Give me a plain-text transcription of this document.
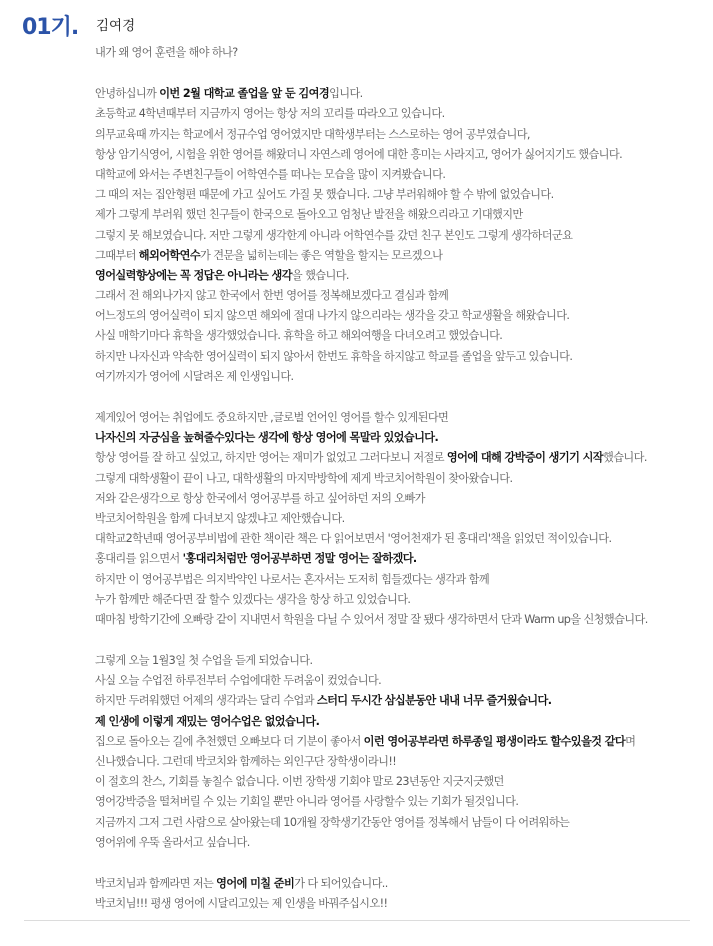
01기. 김여경
내가 왜 영어 훈련을 해야 하나?
안녕하십니까 이번 2월 대학교 졸업을 앞 둔 김여경입니다.
초등학교 4학년때부터 지금까지 영어는 항상 저의 꼬리를 따라오고 있습니다.
의무교육때 까지는 학교에서 정규수업 영어였지만 대학생부터는 스스로하는 영어 공부였습니다,
항상 암기식영어, 시험을 위한 영어를 해왔더니 자연스레 영어에 대한 흥미는 사라지고, 영어가 싫어지기도 했습니다.
대학교에 와서는 주변친구들이 어학연수를 떠나는 모습을 많이 지켜봤습니다.
그 때의 저는 집안형편 때문에 가고 싶어도 가질 못 했습니다. 그냥 부러워해야 할 수 밖에 없었습니다.
제가 그렇게 부러워 했던 친구들이 한국으로 돌아오고 엄청난 발전을 해왔으리라고 기대했지만
그렇지 못 해보였습니다. 저만 그렇게 생각한게 아니라 어학연수를 갔던 친구 본인도 그렇게 생각하더군요
그때부터 해외어학연수가 견문을 넓히는데는 좋은 역할을 할지는 모르겠으나
영어실력향상에는 꼭 정답은 아니라는 생각을 했습니다.
그래서 전 해외나가지 않고 한국에서 한번 영어를 정복해보겠다고 결심과 함께
어느정도의 영어실력이 되지 않으면 해외에 절대 나가지 않으리라는 생각을 갖고 학교생활을 해왔습니다.
사실 매학기마다 휴학을 생각했었습니다. 휴학을 하고 해외여행을 다녀오려고 했었습니다.
하지만 나자신과 약속한 영어실력이 되지 않아서 한번도 휴학을 하지않고 학교를 졸업을 앞두고 있습니다.
여기까지가 영어에 시달려온 제 인생입니다.
제게있어 영어는 취업에도 중요하지만 ,글로벌 언어인 영어를 할수 있게된다면
나자신의 자긍심을 높혀줄수있다는 생각에 항상 영어에 목말라 있었습니다.
항상 영어를 잘 하고 싶었고, 하지만 영어는 재미가 없었고 그러다보니 저절로 영어에 대해 강박증이 생기기 시작했습니다.
그렇게 대학생활이 끝이 나고, 대학생활의 마지막방학에 제게 박코치어학원이 찾아왔습니다.
저와 같은생각으로 항상 한국에서 영어공부를 하고 싶어하던 저의 오빠가
박코치어학원을 함께 다녀보지 않겠냐고 제안했습니다.
대학교2학년때 영어공부비법에 관한 책이란 책은 다 읽어보면서 '영어천재가 된 홍대리'책을 읽었던 적이있습니다.
홍대리를 읽으면서 '홍대리처럼만 영어공부하면 정말 영어는 잘하겠다.
하지만 이 영어공부법은 의지박약인 나로서는 혼자서는 도저히 힘들겠다는 생각과 함께
누가 함께만 해준다면 잘 할수 있겠다는 생각을 항상 하고 있었습니다.
때마침 방학기간에 오빠랑 같이 지내면서 학원을 다닐 수 있어서 정말 잘 됐다 생각하면서 단과 Warm up을 신청했습니다.
그렇게 오늘 1월3일 첫 수업을 듣게 되었습니다.
사실 오늘 수업전 하루전부터 수업에대한 두려움이 컸었습니다.
하지만 두려워했던 어제의 생각과는 달리 수업과 스터디 두시간 삼십분동안 내내 너무 즐거웠습니다.
제 인생에 이렇게 재밌는 영어수업은 없었습니다.
집으로 돌아오는 길에 추천했던 오빠보다 더 기분이 좋아서 이런 영어공부라면 하루종일 평생이라도 할수있을것 같다며
신나했습니다. 그런데 박코치와 함께하는 외인구단 장학생이라니!!
이 절호의 찬스, 기회를 놓칠수 없습니다. 이번 장학생 기회야 말로 23년동안 지긋지긋했던
영어강박증을 떨쳐버릴 수 있는 기회일 뿐만 아니라 영어를 사랑할수 있는 기회가 될것입니다.
지금까지 그저 그런 사람으로 살아왔는데 10개월 장학생기간동안 영어를 정복해서 남들이 다 어려워하는
영어위에 우뚝 올라서고 싶습니다.
박코치님과 함께라면 저는 영어에 미칠 준비가 다 되어있습니다..
박코치님!!! 평생 영어에 시달리고있는 제 인생을 바꿔주십시오!!
